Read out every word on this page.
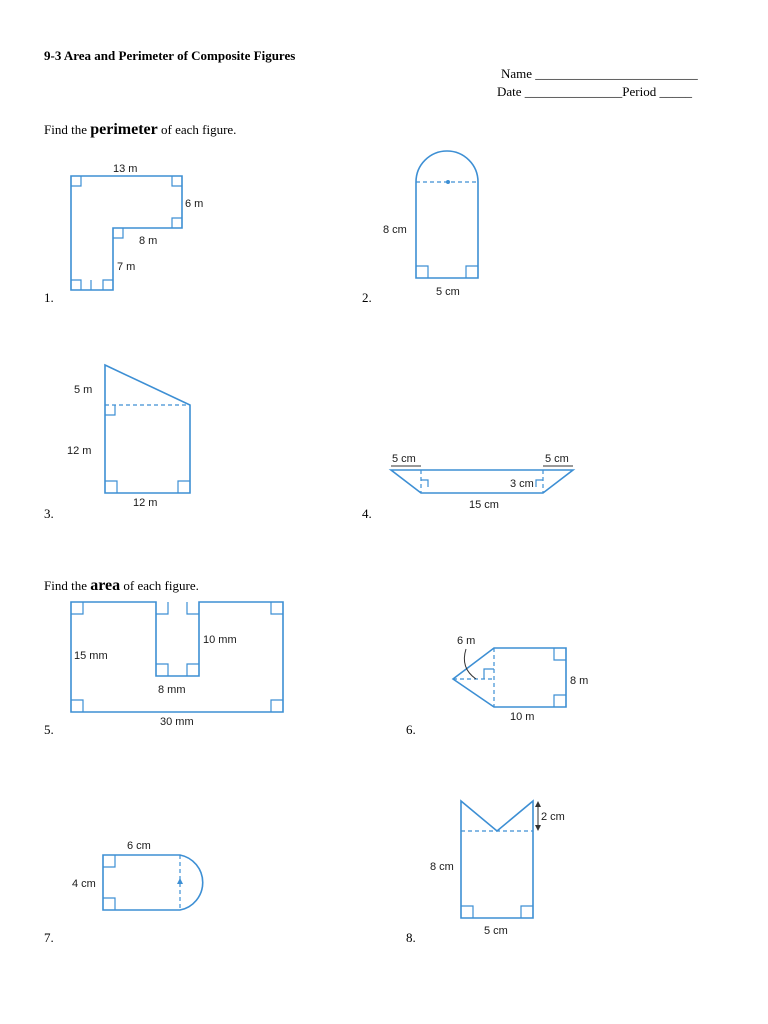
9-3 Area and Perimeter of Composite Figures
Name _________________________
Date _______________Period _____
Find the perimeter of each figure.
Find the area of each figure.
1.	2.
3.	4.
5.	6.
7.	8.
13 m
6 m
8 m
7 m
8 cm
5 cm
5 m
12 m
12 m
5 cm	5 cm
3 cm
15 cm
15 mm
10 mm
8 mm
30 mm
6 m
8 m
10 m
6 cm
4 cm
2 cm
8 cm
5 cm
